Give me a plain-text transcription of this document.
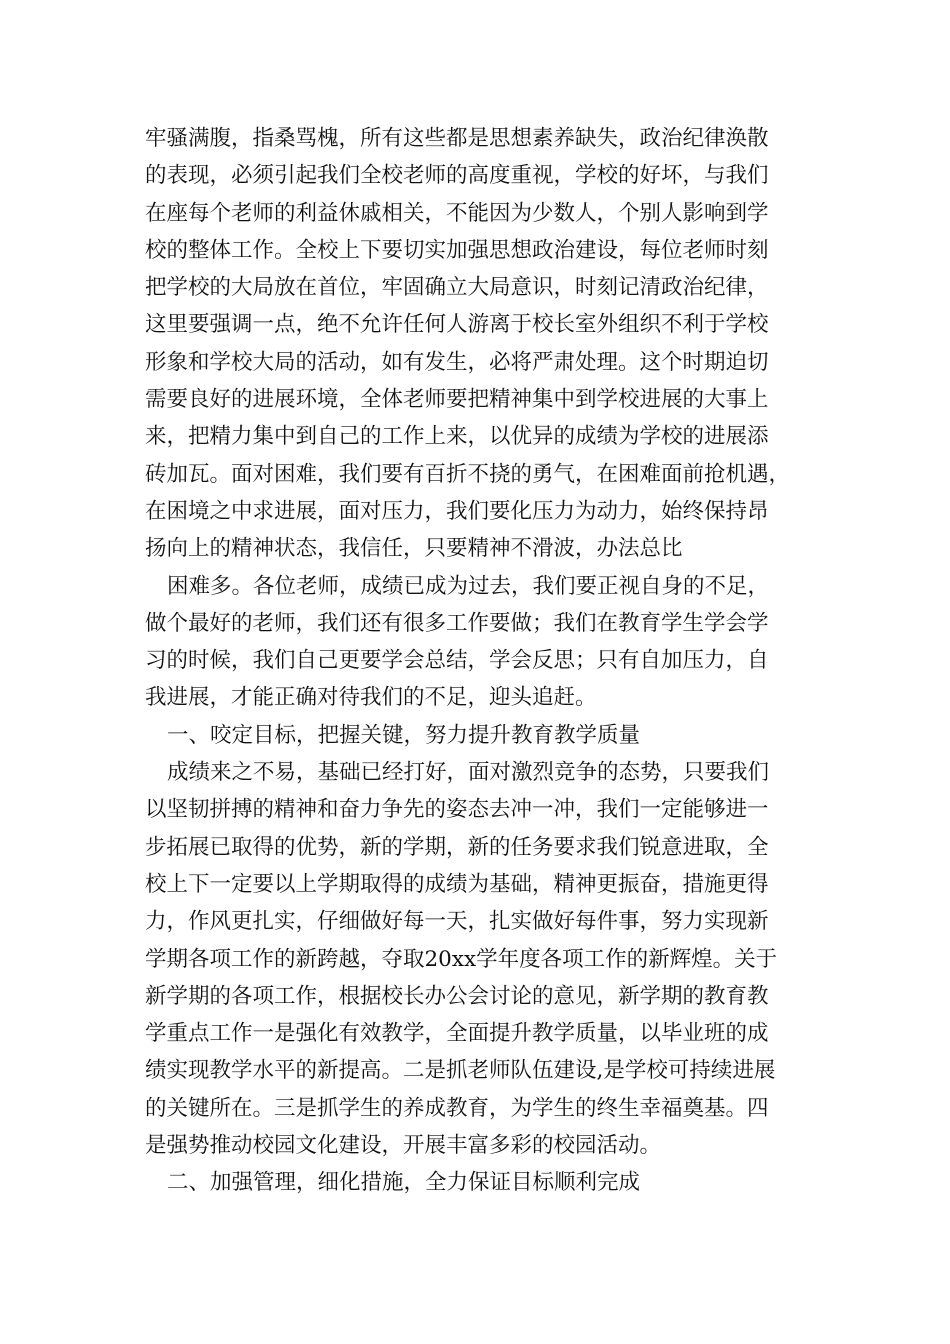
牢骚满腹，指桑骂槐，所有这些都是思想素养缺失，政治纪律涣散
的表现，必须引起我们全校老师的高度重视，学校的好坏，与我们
在座每个老师的利益休戚相关，不能因为少数人，个别人影响到学
校的整体工作。全校上下要切实加强思想政治建设，每位老师时刻
把学校的大局放在首位，牢固确立大局意识，时刻记清政治纪律，
这里要强调一点，绝不允许任何人游离于校长室外组织不利于学校
形象和学校大局的活动，如有发生，必将严肃处理。这个时期迫切
需要良好的进展环境，全体老师要把精神集中到学校进展的大事上
来，把精力集中到自己的工作上来，以优异的成绩为学校的进展添
砖加瓦。面对困难，我们要有百折不挠的勇气，在困难面前抢机遇，
在困境之中求进展，面对压力，我们要化压力为动力，始终保持昂
扬向上的精神状态，我信任，只要精神不滑波，办法总比
困难多。各位老师，成绩已成为过去，我们要正视自身的不足，
做个最好的老师，我们还有很多工作要做；我们在教育学生学会学
习的时候，我们自己更要学会总结，学会反思；只有自加压力，自
我进展，才能正确对待我们的不足，迎头追赶。
一、咬定目标，把握关键，努力提升教育教学质量
成绩来之不易，基础已经打好，面对激烈竞争的态势，只要我们
以坚韧拼搏的精神和奋力争先的姿态去冲一冲，我们一定能够进一
步拓展已取得的优势，新的学期，新的任务要求我们锐意进取，全
校上下一定要以上学期取得的成绩为基础，精神更振奋，措施更得
力，作风更扎实，仔细做好每一天，扎实做好每件事，努力实现新
学期各项工作的新跨越，夺取20xx学年度各项工作的新辉煌。关于
新学期的各项工作，根据校长办公会讨论的意见，新学期的教育教
学重点工作一是强化有效教学，全面提升教学质量，以毕业班的成
绩实现教学水平的新提高。二是抓老师队伍建设,是学校可持续进展
的关键所在。三是抓学生的养成教育，为学生的终生幸福奠基。四
是强势推动校园文化建设，开展丰富多彩的校园活动。
二、加强管理，细化措施，全力保证目标顺利完成
